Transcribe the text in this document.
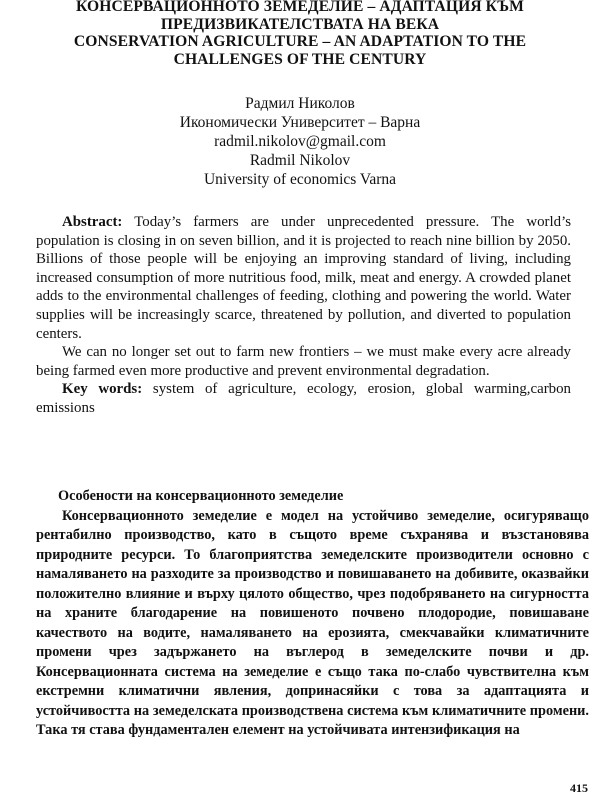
КОНСЕРВАЦИОННОТО ЗЕМЕДЕЛИЕ – АДАПТАЦИЯ КЪМ
ПРЕДИЗВИКАТЕЛСТВАТА НА ВЕКА
CONSERVATION AGRICULTURE – AN ADAPTATION TO THE
CHALLENGES OF THE CENTURY
Радмил Николов
Икономически Университет – Варна
radmil.nikolov@gmail.com
Radmil Nikolov
University of economics Varna

Abstract: Today’s farmers are under unprecedented pressure. The world’s population is closing in on seven billion, and it is projected to reach nine billion by 2050. Billions of those people will be enjoying an improving standard of living, including increased consumption of more nutritious food, milk, meat and energy. A crowded planet adds to the environmental challenges of feeding, clothing and powering the world. Water supplies will be increasingly scarce, threatened by pollution, and diverted to population centers.

We can no longer set out to farm new frontiers – we must make every acre already being farmed even more productive and prevent environmental degradation.

Key words: system of agriculture, ecology, erosion, global warming,carbon emissions

Особености на консервационното земеделие

Консервационното земеделие е модел на устойчиво земеделие, осигуряващо рентабилно производство, като в същото време съхранява и възстановява природните ресурси. То благоприятства земеделските производители основно с намаляването на разходите за производство и повишаването на добивите, оказвайки положително влияние и върху цялото общество, чрез подобряването на сигурността на храните благодарение на повишеното почвено плодородие, повишаване качеството на водите, намаляването на ерозията, смекчавайки климатичните промени чрез задържането на въглерод в земеделските почви и др. Консервационната система на земеделие е също така по-слабо чувствителна към екстремни климатични явления, допринасяйки с това за адаптацията и устойчивостта на земеделската производствена система към климатичните промени. Така тя става фундаментален елемент на устойчивата интензификация на

415
